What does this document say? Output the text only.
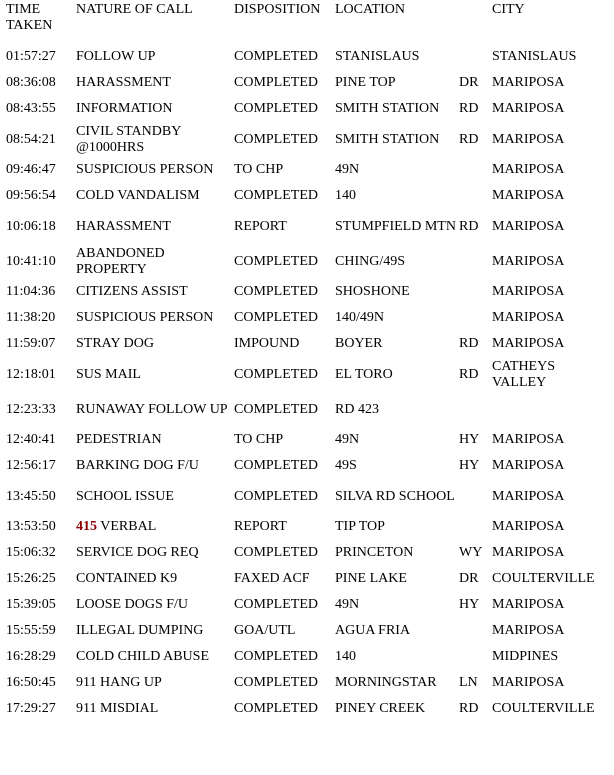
TIME TAKEN	NATURE OF CALL	DISPOSITION	LOCATION		CITY
01:57:27	FOLLOW UP	COMPLETED	STANISLAUS		STANISLAUS
08:36:08	HARASSMENT	COMPLETED	PINE TOP	DR	MARIPOSA
08:43:55	INFORMATION	COMPLETED	SMITH STATION	RD	MARIPOSA
08:54:21	CIVIL STANDBY @1000HRS	COMPLETED	SMITH STATION	RD	MARIPOSA
09:46:47	SUSPICIOUS PERSON	TO CHP	49N		MARIPOSA
09:56:54	COLD VANDALISM	COMPLETED	140		MARIPOSA
10:06:18	HARASSMENT	REPORT	STUMPFIELD MTN	RD	MARIPOSA
10:41:10	ABANDONED PROPERTY	COMPLETED	CHING/49S		MARIPOSA
11:04:36	CITIZENS ASSIST	COMPLETED	SHOSHONE		MARIPOSA
11:38:20	SUSPICIOUS PERSON	COMPLETED	140/49N		MARIPOSA
11:59:07	STRAY DOG	IMPOUND	BOYER	RD	MARIPOSA
12:18:01	SUS MAIL	COMPLETED	EL TORO	RD	CATHEYS VALLEY
12:23:33	RUNAWAY FOLLOW UP	COMPLETED	RD 423		
12:40:41	PEDESTRIAN	TO CHP	49N	HY	MARIPOSA
12:56:17	BARKING DOG F/U	COMPLETED	49S	HY	MARIPOSA
13:45:50	SCHOOL ISSUE	COMPLETED	SILVA RD SCHOOL		MARIPOSA
13:53:50	415 VERBAL	REPORT	TIP TOP		MARIPOSA
15:06:32	SERVICE DOG REQ	COMPLETED	PRINCETON	WY	MARIPOSA
15:26:25	CONTAINED K9	FAXED ACF	PINE LAKE	DR	COULTERVILLE
15:39:05	LOOSE DOGS F/U	COMPLETED	49N	HY	MARIPOSA
15:55:59	ILLEGAL DUMPING	GOA/UTL	AGUA FRIA		MARIPOSA
16:28:29	COLD CHILD ABUSE	COMPLETED	140		MIDPINES
16:50:45	911 HANG UP	COMPLETED	MORNINGSTAR	LN	MARIPOSA
17:29:27	911 MISDIAL	COMPLETED	PINEY CREEK	RD	COULTERVILLE
